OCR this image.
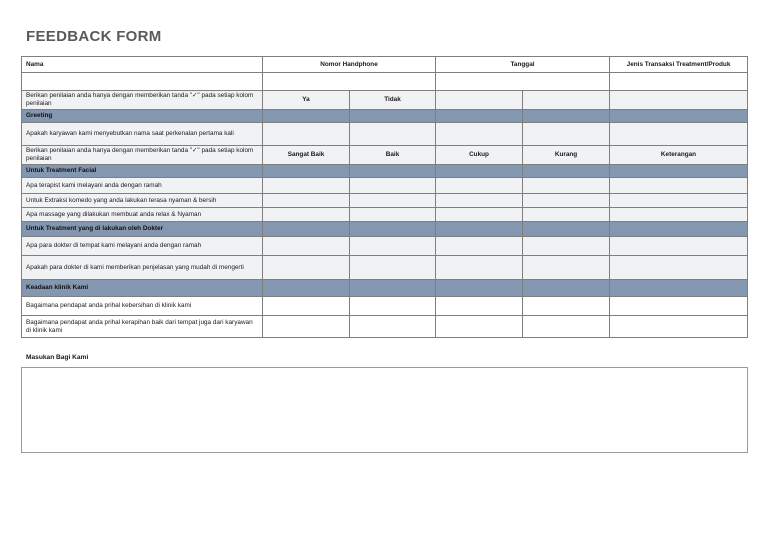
FEEDBACK FORM
Nama	Nomor Handphone		Tanggal		Jenis Transaksi Treatment/Produk

Berikan penilaian anda hanya dengan memberikan tanda "✓" pada setiap kolom penilaian	Ya	Tidak			
Greeting					
Apakah karyawan kami menyebutkan nama saat perkenalan pertama kali					
Berikan penilaian anda hanya dengan memberikan tanda "✓" pada setiap kolom penilaian	Sangat Baik	Baik	Cukup	Kurang	Keterangan
Untuk Treatment Facial					
Apa terapist kami melayani anda dengan ramah					
Untuk Extraksi komedo yang anda lakukan terasa nyaman & bersih					
Apa massage yang dilakukan membuat anda relax & Nyaman					
Untuk Treatment yang di lakukan oleh Dokter					
Apa para dokter di tempat kami melayani anda dengan ramah					
Apakah para dokter di kami memberikan penjelasan yang mudah di mengerti					
Keadaan klinik Kami					
Bagaimana pendapat anda prihal kebersihan di klinik kami					
Bagaimana pendapat anda prihal kerapihan baik dari tempat juga dari karyawan di klinik kami					
Masukan Bagi Kami
